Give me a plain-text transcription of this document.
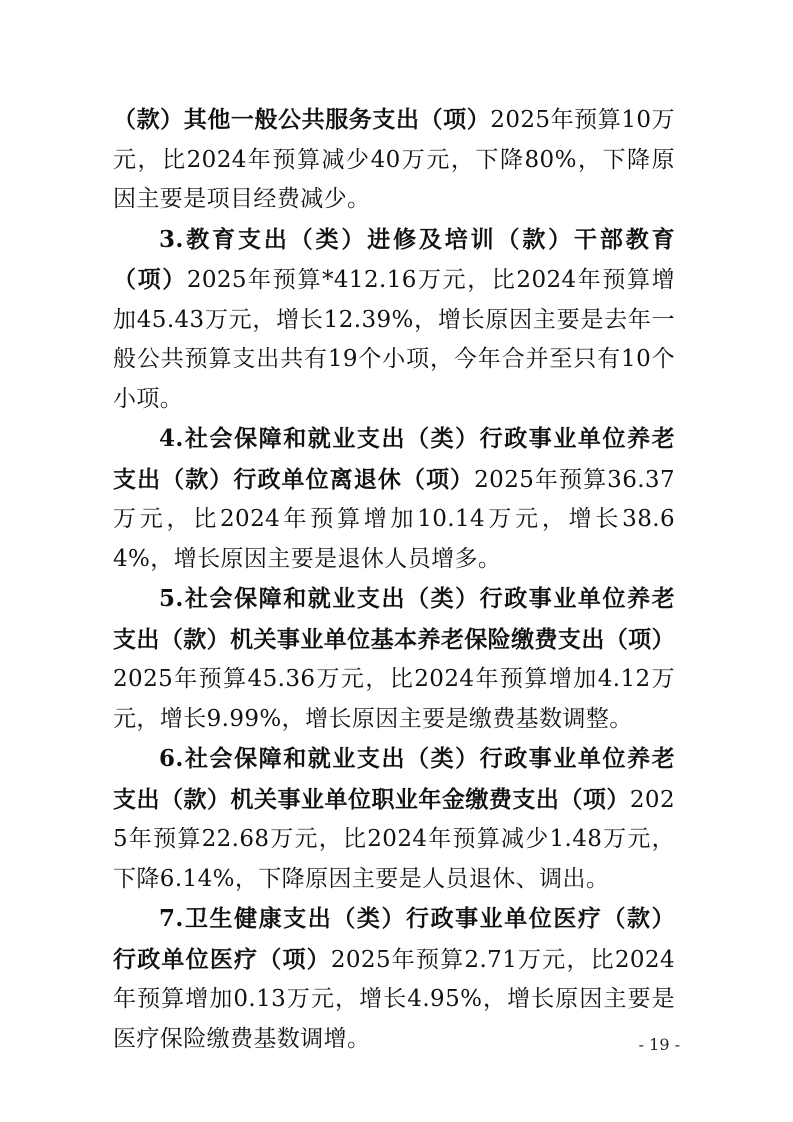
（款）其他一般公共服务支出（项）2025年预算10万元，比2024年预算减少40万元，下降80%，下降原因主要是项目经费减少。

3.教育支出（类）进修及培训（款）干部教育（项）2025年预算*412.16万元，比2024年预算增加45.43万元，增长12.39%，增长原因主要是去年一般公共预算支出共有19个小项，今年合并至只有10个小项。

4.社会保障和就业支出（类）行政事业单位养老支出（款）行政单位离退休（项）2025年预算36.37万元，比2024年预算增加10.14万元，增长38.64%，增长原因主要是退休人员增多。

5.社会保障和就业支出（类）行政事业单位养老支出（款）机关事业单位基本养老保险缴费支出（项）2025年预算45.36万元，比2024年预算增加4.12万元，增长9.99%，增长原因主要是缴费基数调整。

6.社会保障和就业支出（类）行政事业单位养老支出（款）机关事业单位职业年金缴费支出（项）2025年预算22.68万元，比2024年预算减少1.48万元，下降6.14%，下降原因主要是人员退休、调出。

7.卫生健康支出（类）行政事业单位医疗（款）行政单位医疗（项）2025年预算2.71万元，比2024年预算增加0.13万元，增长4.95%，增长原因主要是医疗保险缴费基数调增。	- 19 -
